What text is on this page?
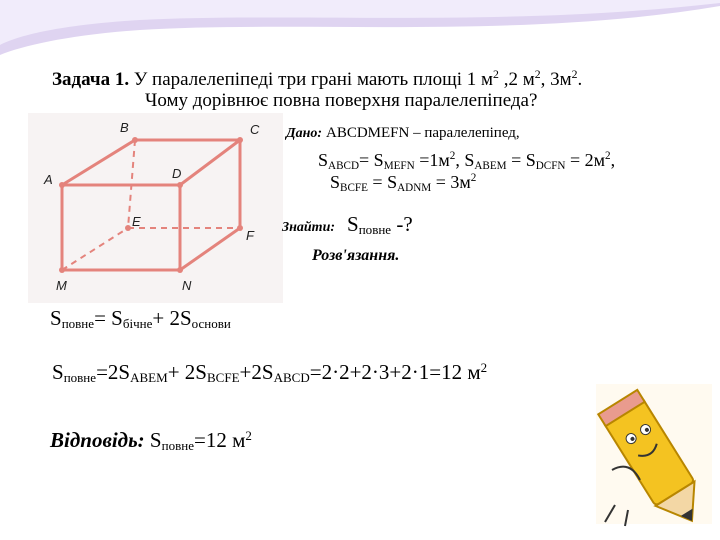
B	C
A	D
E
F
M	N
Задача 1. У паралелепіпеді три грані мають площі 1 $м^2$ ,2 $м^2$, $3м^2$.
Чому дорівнює повна поверхня паралелепіпеда?
Дано: ABCDMEFN – паралелепіпед,
$S_{ABCD}= S_{MEFN} =1м^2$, $S_{ABEM} = S_{DCFN} = 2м^2$,
$S_{BCFE} = S_{ADNM} = 3м^2$
Знайти: $S_{повне}$ -?
Розв'язання.
$S_{повне}= S_{бічне}+ 2S_{основи}$
$S_{повне}=2S_{ABEM}+ 2S_{BCFE}+2S_{ABCD}=2\cdot 2+2\cdot 3+2\cdot 1=12$ $м^2$
Відповідь: $S_{повне}=12$ $м^2$
